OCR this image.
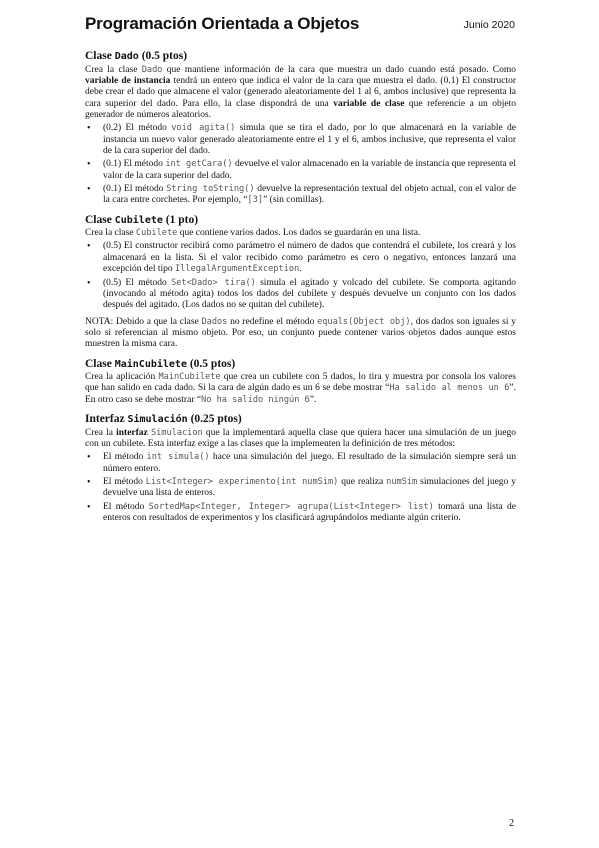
Programación Orientada a Objetos	Junio 2020
Clase Dado (0.5 ptos)

Crea la clase Dado que mantiene información de la cara que muestra un dado cuando está posado. Como variable de instancia tendrá un entero que indica el valor de la cara que muestra el dado. (0.1) El constructor debe crear el dado que almacene el valor (generado aleatoriamente del 1 al 6, ambos inclusive) que representa la cara superior del dado. Para ello, la clase dispondrá de una variable de clase que referencie a un objeto generador de números aleatorios.

• (0.2) El método void agita() simula que se tira el dado, por lo que almacenará en la variable de instancia un nuevo valor generado aleatoriamente entre el 1 y el 6, ambos inclusive, que representa el valor de la cara superior del dado.
• (0.1) El método int getCara() devuelve el valor almacenado en la variable de instancia que representa el valor de la cara superior del dado.
• (0.1) El método String toString() devuelve la representación textual del objeto actual, con el valor de la cara entre corchetes. Por ejemplo, “[3]” (sin comillas).
Clase Cubilete (1 pto)

Crea la clase Cubilete que contiene varios dados. Los dados se guardarán en una lista.

• (0.5) El constructor recibirá como parámetro el número de dados que contendrá el cubilete, los creará y los almacenará en la lista. Si el valor recibido como parámetro es cero o negativo, entonces lanzará una excepción del tipo IllegalArgumentException.
• (0.5) El método Set<Dado> tira() simula el agitado y volcado del cubilete. Se comporta agitando (invocando al método agita) todos los dados del cubilete y después devuelve un conjunto con los dados después del agitado. (Los dados no se quitan del cubilete).

NOTA: Debido a que la clase Dados no redefine el método equals(Object obj), dos dados son iguales si y solo si referencian al mismo objeto. Por eso, un conjunto puede contener varios objetos dados aunque estos muestren la misma cara.

Clase MainCubilete (0.5 ptos)

Crea la aplicación MainCubilete que crea un cubilete con 5 dados, lo tira y muestra por consola los valores que han salido en cada dado. Si la cara de algún dado es un 6 se debe mostrar “Ha salido al menos un 6”. En otro caso se debe mostrar “No ha salido ningún 6”.

Interfaz Simulación (0.25 ptos)

Crea la interfaz Simulacion que la implementará aquella clase que quiera hacer una simulación de un juego con un cubilete. Esta interfaz exige a las clases que la implementen la definición de tres métodos:

• El método int simula() hace una simulación del juego. El resultado de la simulación siempre será un número entero.
• El método List<Integer> experimento(int numSim) que realiza numSim simulaciones del juego y devuelve una lista de enteros.
• El método SortedMap<Integer, Integer> agrupa(List<Integer> list) tomará una lista de enteros con resultados de experimentos y los clasificará agrupándolos mediante algún criterio.
2
